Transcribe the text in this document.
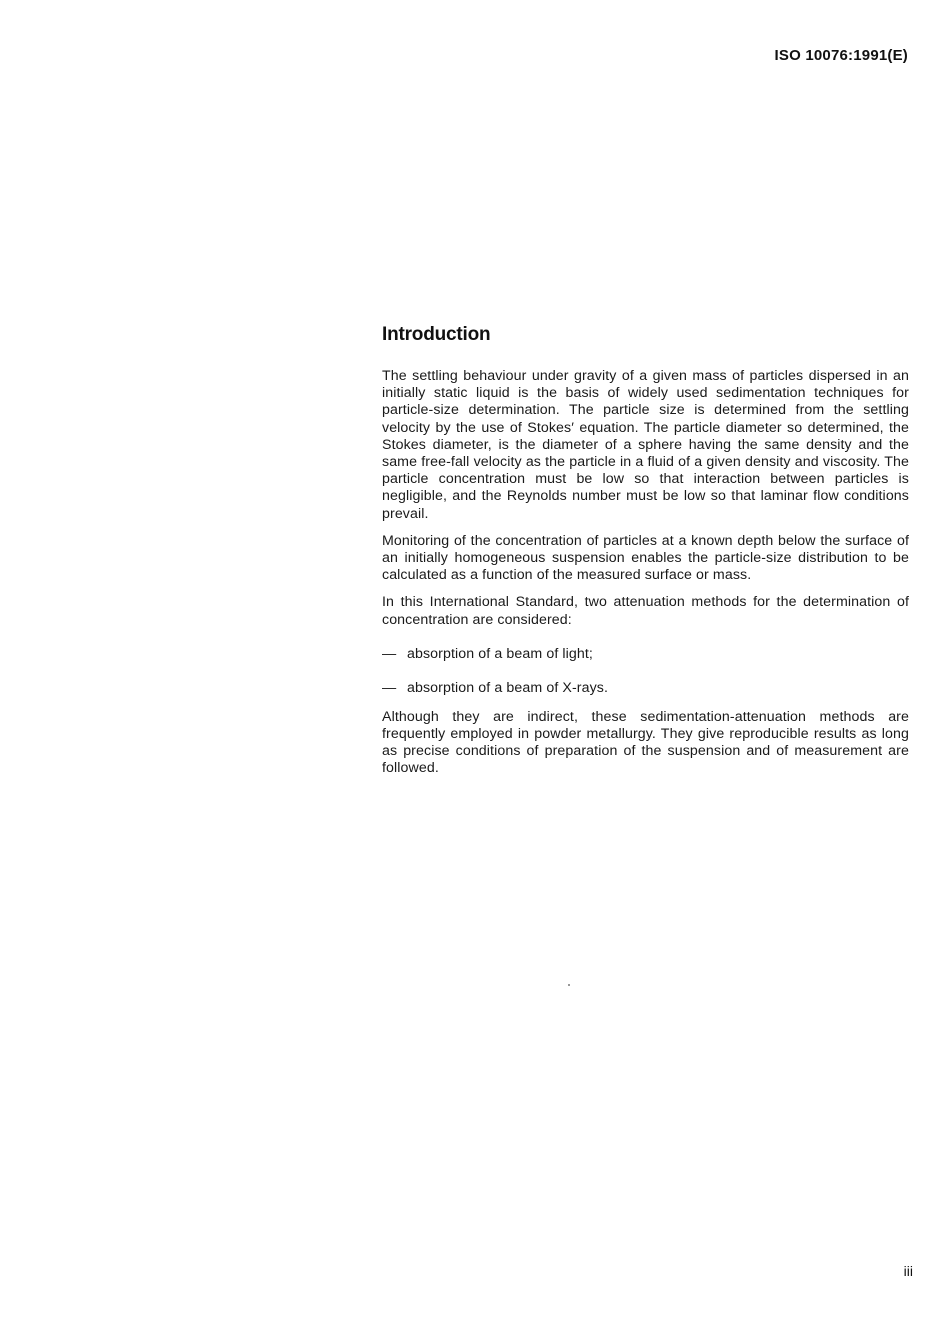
ISO 10076:1991(E)
Introduction

The settling behaviour under gravity of a given mass of particles dispersed in an initially static liquid is the basis of widely used sedimentation techniques for particle-size determination. The particle size is determined from the settling velocity by the use of Stokes′ equation. The particle diameter so determined, the Stokes diameter, is the diameter of a sphere having the same density and the same free-fall velocity as the particle in a fluid of a given density and viscosity. The particle concentration must be low so that interaction between particles is negligible, and the Reynolds number must be low so that laminar flow conditions prevail.

Monitoring of the concentration of particles at a known depth below the surface of an initially homogeneous suspension enables the particle-size distribution to be calculated as a function of the measured surface or mass.

In this International Standard, two attenuation methods for the determination of concentration are considered:

— absorption of a beam of light;
— absorption of a beam of X-rays.

Although they are indirect, these sedimentation-attenuation methods are frequently employed in powder metallurgy. They give reproducible results as long as precise conditions of preparation of the suspension and of measurement are followed.

iii
